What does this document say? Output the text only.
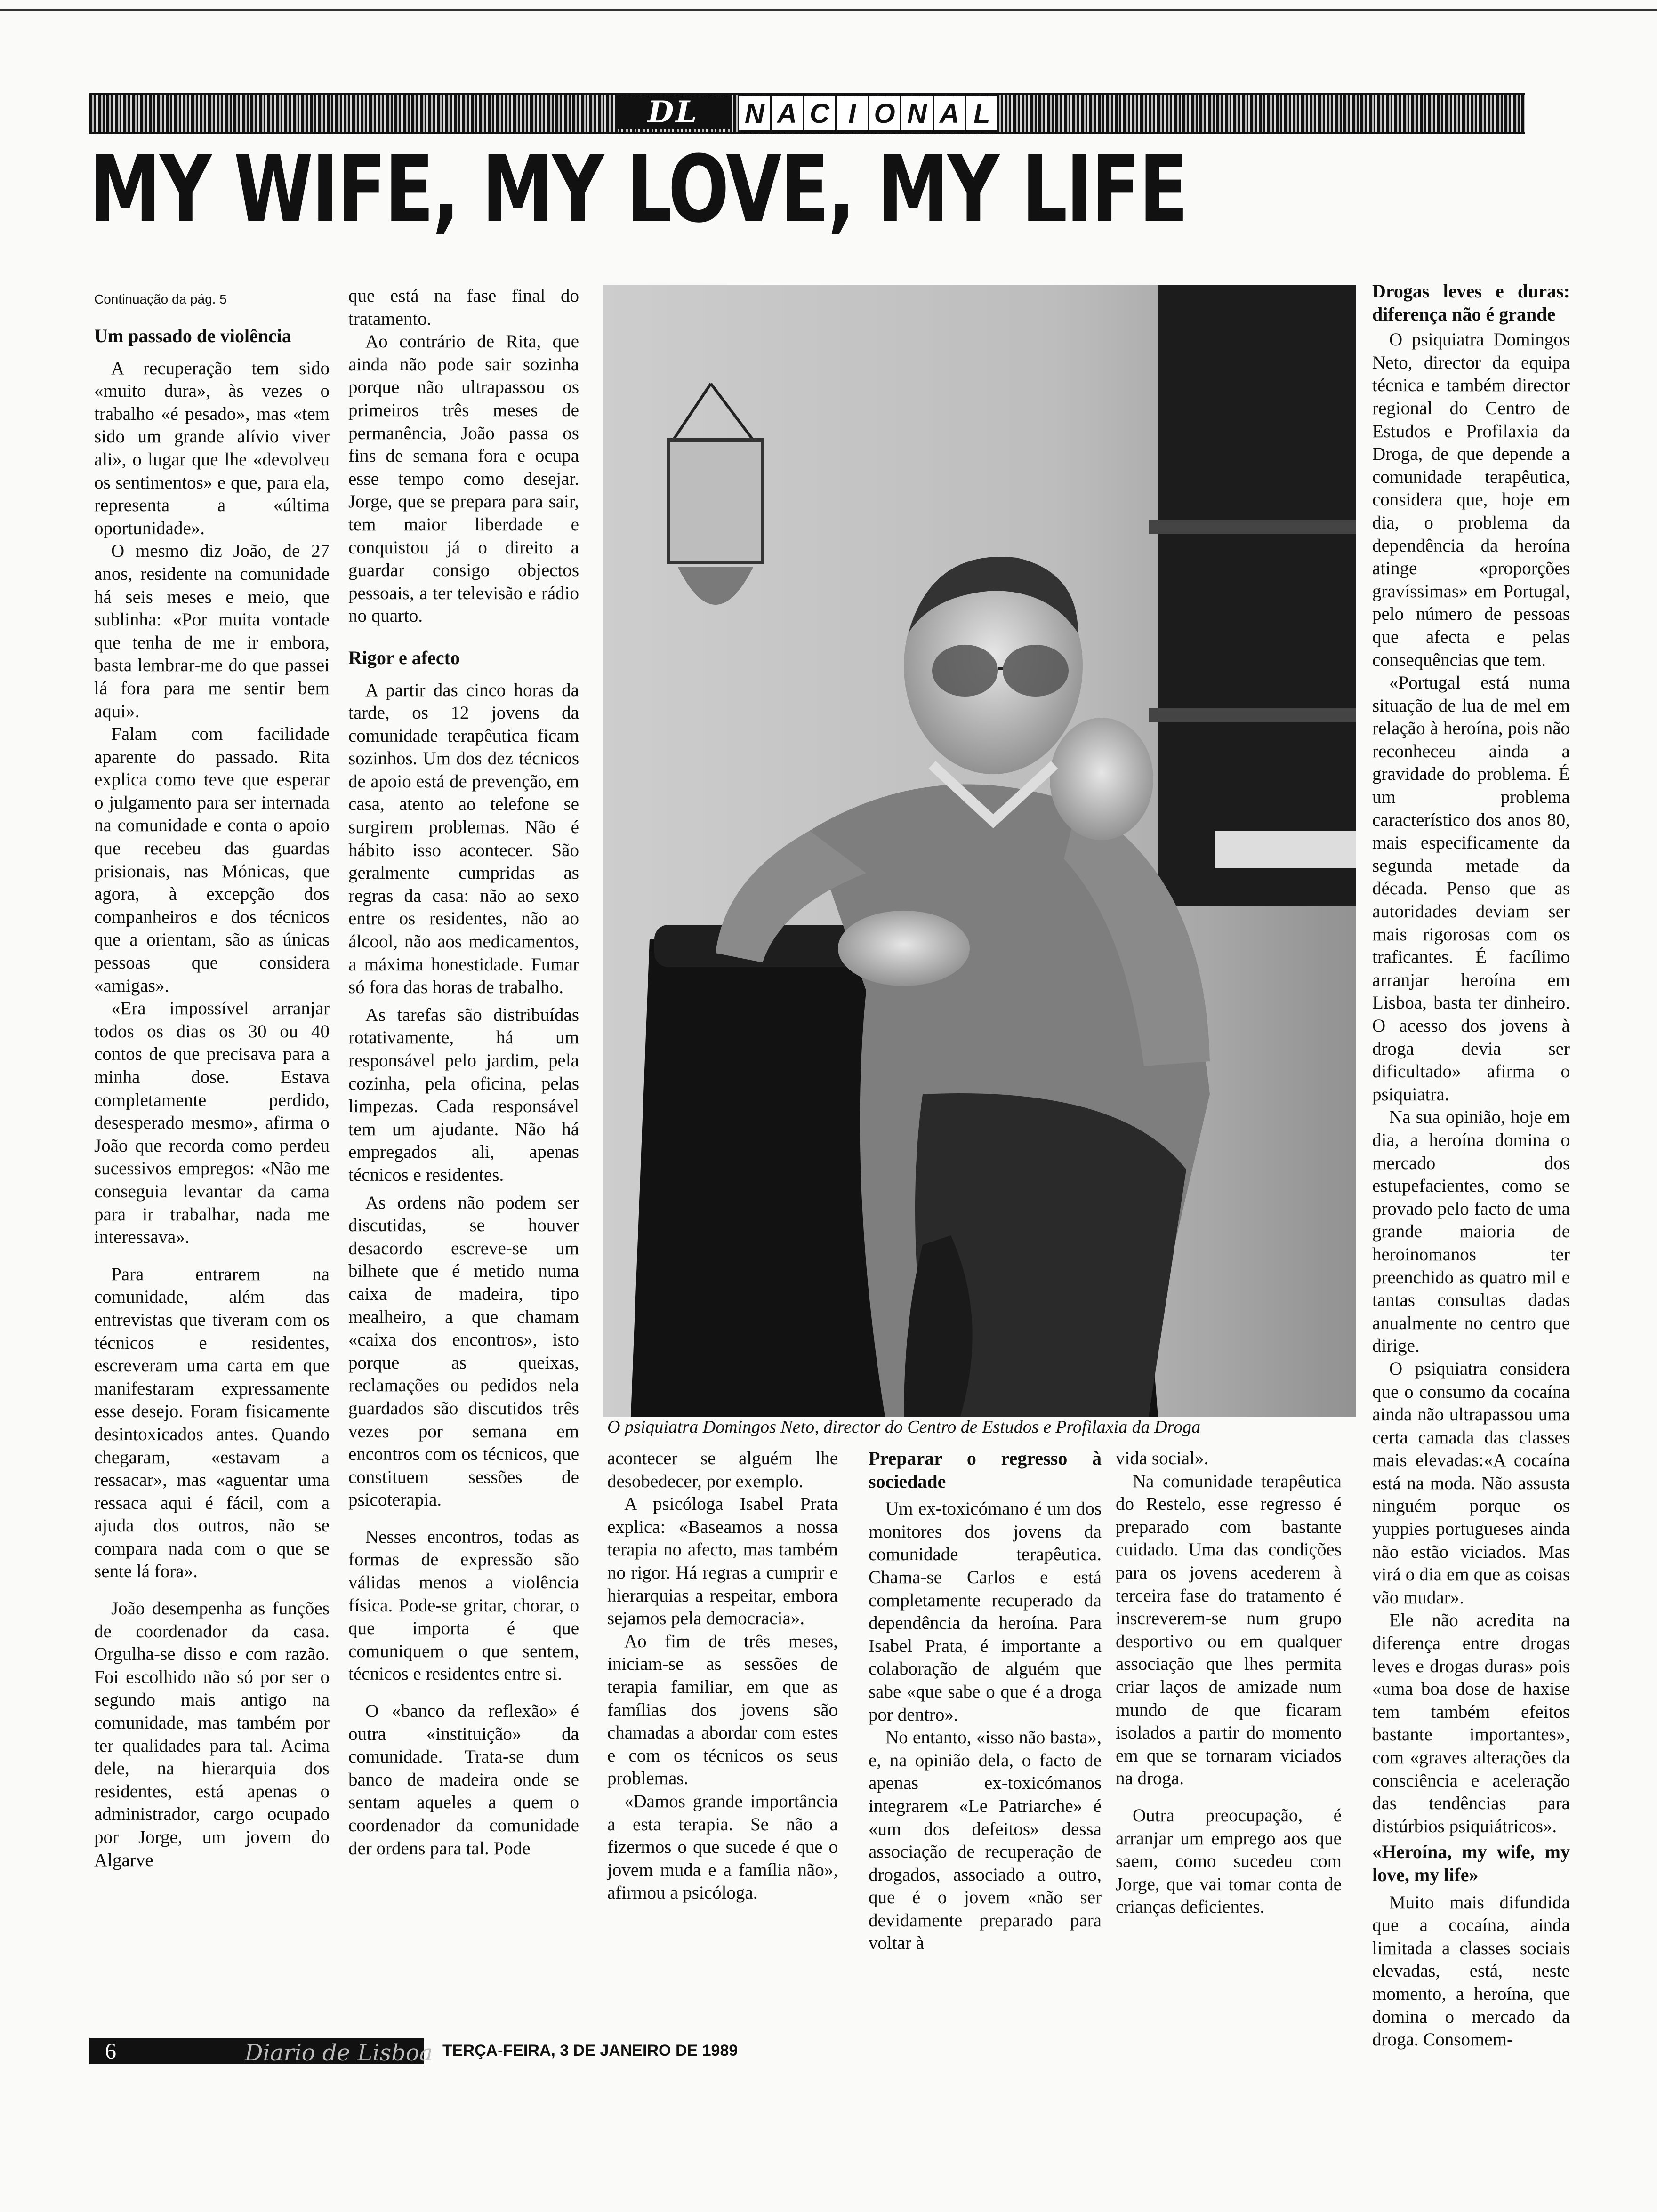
DL	N A C I O N A L
MY WIFE, MY LOVE, MY LIFE
Continuação da pág. 5
Um passado de violência

A recuperação tem sido «muito dura», às vezes o trabalho «é pesado», mas «tem sido um grande alívio viver ali», o lugar que lhe «devolveu os sentimentos» e que, para ela, representa a «última oportunidade».

O mesmo diz João, de 27 anos, residente na comunidade há seis meses e meio, que sublinha: «Por muita vontade que tenha de me ir embora, basta lembrar-me do que passei lá fora para me sentir bem aqui».

Falam com facilidade aparente do passado. Rita explica como teve que esperar o julgamento para ser internada na comunidade e conta o apoio que recebeu das guardas prisionais, nas Mónicas, que agora, à excepção dos companheiros e dos técnicos que a orientam, são as únicas pessoas que considera «amigas».

«Era impossível arranjar todos os dias os 30 ou 40 contos de que precisava para a minha dose. Estava completamente perdido, desesperado mesmo», afirma o João que recorda como perdeu sucessivos empregos: «Não me conseguia levantar da cama para ir trabalhar, nada me interessava».

Para entrarem na comunidade, além das entrevistas que tiveram com os técnicos e residentes, escreveram uma carta em que manifestaram expressamente esse desejo. Foram fisicamente desintoxicados antes. Quando chegaram, «estavam a ressacar», mas «aguentar uma ressaca aqui é fácil, com a ajuda dos outros, não se compara nada com o que se sente lá fora».

João desempenha as funções de coordenador da casa. Orgulha-se disso e com razão. Foi escolhido não só por ser o segundo mais antigo na comunidade, mas também por ter qualidades para tal. Acima dele, na hierarquia dos residentes, está apenas o administrador, cargo ocupado por Jorge, um jovem do Algarve

que está na fase final do tratamento.

Ao contrário de Rita, que ainda não pode sair sozinha porque não ultrapassou os primeiros três meses de permanência, João passa os fins de semana fora e ocupa esse tempo como desejar. Jorge, que se prepara para sair, tem maior liberdade e conquistou já o direito a guardar consigo objectos pessoais, a ter televisão e rádio no quarto.

Rigor e afecto

A partir das cinco horas da tarde, os 12 jovens da comunidade terapêutica ficam sozinhos. Um dos dez técnicos de apoio está de prevenção, em casa, atento ao telefone se surgirem problemas. Não é hábito isso acontecer. São geralmente cumpridas as regras da casa: não ao sexo entre os residentes, não ao álcool, não aos medicamentos, a máxima honestidade. Fumar só fora das horas de trabalho.

As tarefas são distribuídas rotativamente, há um responsável pelo jardim, pela cozinha, pela oficina, pelas limpezas. Cada responsável tem um ajudante. Não há empregados ali, apenas técnicos e residentes.

As ordens não podem ser discutidas, se houver desacordo escreve-se um bilhete que é metido numa caixa de madeira, tipo mealheiro, a que chamam «caixa dos encontros», isto porque as queixas, reclamações ou pedidos nela guardados são discutidos três vezes por semana em encontros com os técnicos, que constituem sessões de psicoterapia.

Nesses encontros, todas as formas de expressão são válidas menos a violência física. Pode-se gritar, chorar, o que importa é que comuniquem o que sentem, técnicos e residentes entre si.

O «banco da reflexão» é outra «instituição» da comunidade. Trata-se dum banco de madeira onde se sentam aqueles a quem o coordenador da comunidade der ordens para tal. Pode

O psiquiatra Domingos Neto, director do Centro de Estudos e Profilaxia da Droga

acontecer se alguém lhe desobedecer, por exemplo.

A psicóloga Isabel Prata explica: «Baseamos a nossa terapia no afecto, mas também no rigor. Há regras a cumprir e hierarquias a respeitar, embora sejamos pela democracia».

Ao fim de três meses, iniciam-se as sessões de terapia familiar, em que as famílias dos jovens são chamadas a abordar com estes e com os técnicos os seus problemas.

«Damos grande importância a esta terapia. Se não a fizermos o que sucede é que o jovem muda e a família não», afirmou a psicóloga.

Preparar o regresso à sociedade

Um ex-toxicómano é um dos monitores dos jovens da comunidade terapêutica. Chama-se Carlos e está completamente recuperado da dependência da heroína. Para Isabel Prata, é importante a colaboração de alguém que sabe «que sabe o que é a droga por dentro».

No entanto, «isso não basta», e, na opinião dela, o facto de apenas ex-toxicómanos integrarem «Le Patriarche» é «um dos defeitos» dessa associação de recuperação de drogados, associado a outro, que é o jovem «não ser devidamente preparado para voltar à

vida social».

Na comunidade terapêutica do Restelo, esse regresso é preparado com bastante cuidado. Uma das condições para os jovens acederem à terceira fase do tratamento é inscreverem-se num grupo desportivo ou em qualquer associação que lhes permita criar laços de amizade num mundo de que ficaram isolados a partir do momento em que se tornaram viciados na droga.

Outra preocupação, é arranjar um emprego aos que saem, como sucedeu com Jorge, que vai tomar conta de crianças deficientes.

Drogas leves e duras: diferença não é grande

O psiquiatra Domingos Neto, director da equipa técnica e também director regional do Centro de Estudos e Profilaxia da Droga, de que depende a comunidade terapêutica, considera que, hoje em dia, o problema da dependência da heroína atinge «proporções gravíssimas» em Portugal, pelo número de pessoas que afecta e pelas consequências que tem.

«Portugal está numa situação de lua de mel em relação à heroína, pois não reconheceu ainda a gravidade do problema. É um problema característico dos anos 80, mais especificamente da segunda metade da década. Penso que as autoridades deviam ser mais rigorosas com os traficantes. É facílimo arranjar heroína em Lisboa, basta ter dinheiro. O acesso dos jovens à droga devia ser dificultado» afirma o psiquiatra.

Na sua opinião, hoje em dia, a heroína domina o mercado dos estupefacientes, como se provado pelo facto de uma grande maioria de heroinomanos ter preenchido as quatro mil e tantas consultas dadas anualmente no centro que dirige.

O psiquiatra considera que o consumo da cocaína ainda não ultrapassou uma certa camada das classes mais elevadas:«A cocaína está na moda. Não assusta ninguém porque os yuppies portugueses ainda não estão viciados. Mas virá o dia em que as coisas vão mudar».

Ele não acredita na diferença entre drogas leves e drogas duras» pois «uma boa dose de haxise tem também efeitos bastante importantes», com «graves alterações da consciência e aceleração das tendências para distúrbios psiquiátricos».

«Heroína, my wife, my love, my life»

Muito mais difundida que a cocaína, ainda limitada a classes sociais elevadas, está, neste momento, a heroína, que domina o mercado da droga. Consomem-

6	Diario de Lisboa TERÇA-FEIRA, 3 DE JANEIRO DE 1989
